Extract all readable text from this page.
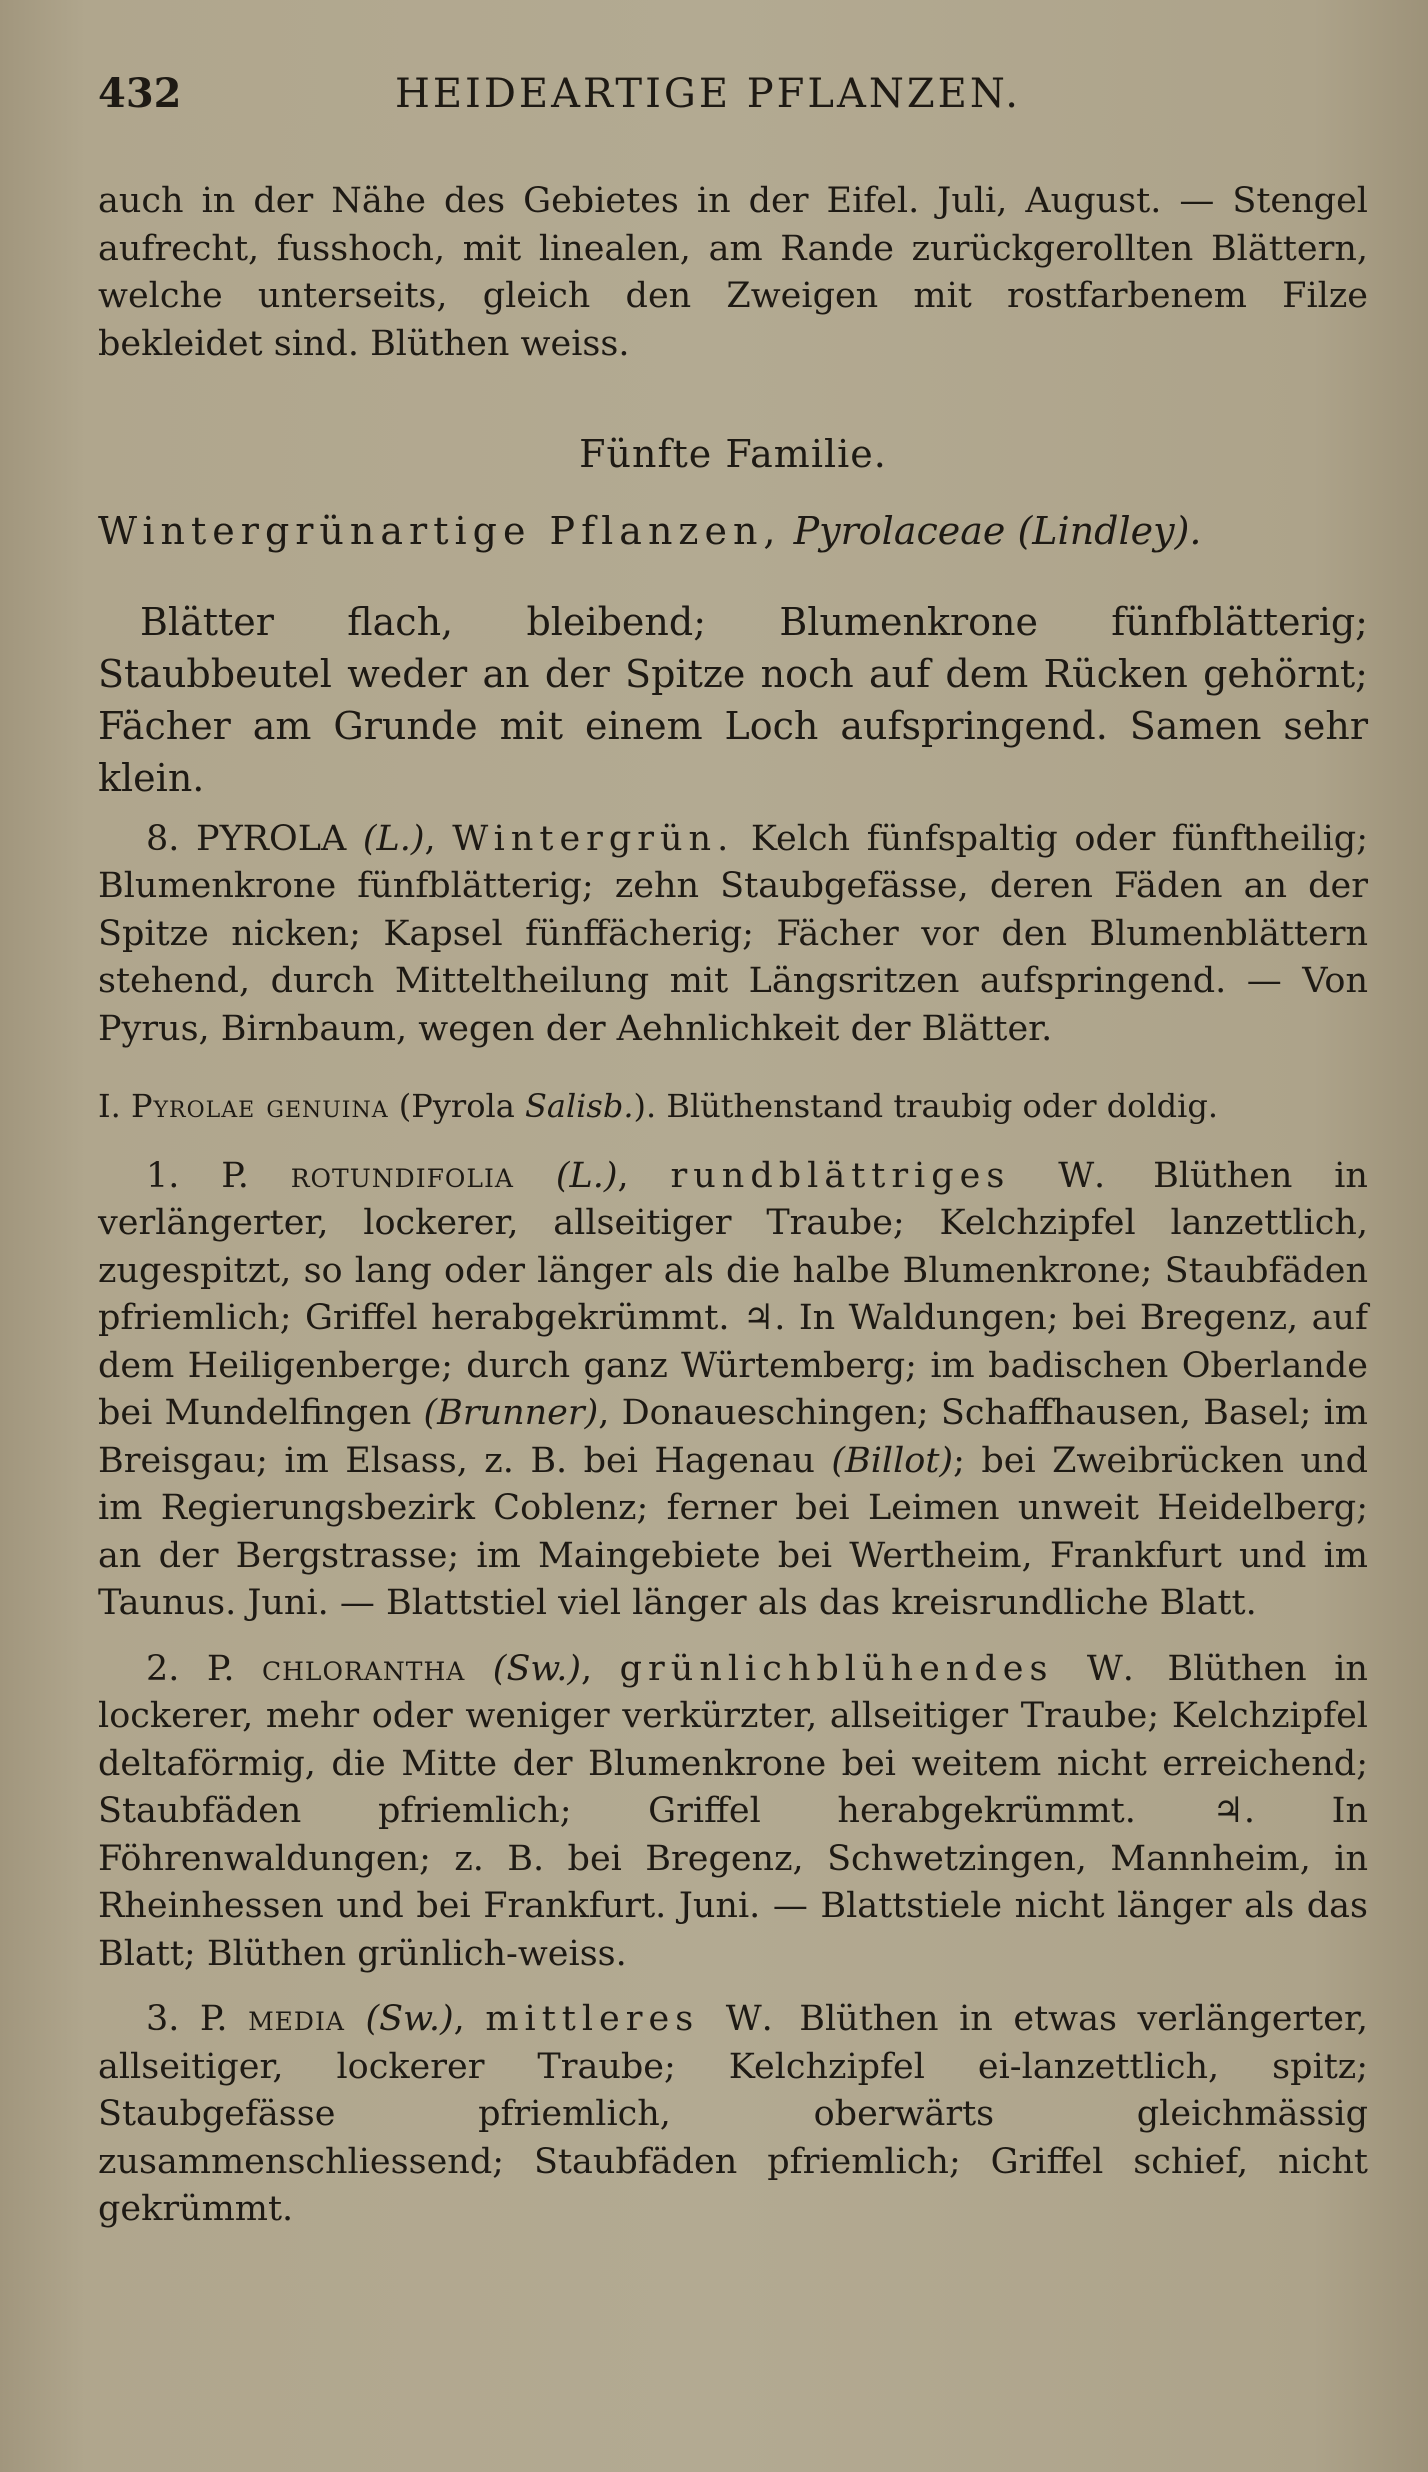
432	HEIDEARTIGE PFLANZEN.

auch in der Nähe des Gebietes in der Eifel. Juli, August. — Stengel aufrecht, fusshoch, mit linealen, am Rande zurückgerollten Blättern, welche unterseits, gleich den Zweigen mit rostfarbenem Filze bekleidet sind. Blüthen weiss.

Fünfte Familie.

Wintergrünartige Pflanzen, Pyrolaceae (Lindley).

Blätter flach, bleibend; Blumenkrone fünfblätterig; Staubbeutel weder an der Spitze noch auf dem Rücken gehörnt; Fächer am Grunde mit einem Loch aufspringend. Samen sehr klein.

8. PYROLA (L.), Wintergrün. Kelch fünfspaltig oder fünftheilig; Blumenkrone fünfblätterig; zehn Staubgefässe, deren Fäden an der Spitze nicken; Kapsel fünffächerig; Fächer vor den Blumenblättern stehend, durch Mitteltheilung mit Längsritzen aufspringend. — Von Pyrus, Birnbaum, wegen der Aehnlichkeit der Blätter.

I. Pyrolae genuina (Pyrola Salisb.). Blüthenstand traubig oder doldig.

1. P. rotundifolia (L.), rundblättriges W. Blüthen in verlängerter, lockerer, allseitiger Traube; Kelchzipfel lanzettlich, zugespitzt, so lang oder länger als die halbe Blumenkrone; Staubfäden pfriemlich; Griffel herabgekrümmt. ♃. In Waldungen; bei Bregenz, auf dem Heiligenberge; durch ganz Würtemberg; im badischen Oberlande bei Mundelfingen (Brunner), Donaueschingen; Schaffhausen, Basel; im Breisgau; im Elsass, z. B. bei Hagenau (Billot); bei Zweibrücken und im Regierungsbezirk Coblenz; ferner bei Leimen unweit Heidelberg; an der Bergstrasse; im Maingebiete bei Wertheim, Frankfurt und im Taunus. Juni. — Blattstiel viel länger als das kreisrundliche Blatt.

2. P. chlorantha (Sw.), grünlichblühendes W. Blüthen in lockerer, mehr oder weniger verkürzter, allseitiger Traube; Kelchzipfel deltaförmig, die Mitte der Blumenkrone bei weitem nicht erreichend; Staubfäden pfriemlich; Griffel herabgekrümmt. ♃. In Föhrenwaldungen; z. B. bei Bregenz, Schwetzingen, Mannheim, in Rheinhessen und bei Frankfurt. Juni. — Blattstiele nicht länger als das Blatt; Blüthen grünlich-weiss.

3. P. media (Sw.), mittleres W. Blüthen in etwas verlängerter, allseitiger, lockerer Traube; Kelchzipfel ei-lanzettlich, spitz; Staubgefässe pfriemlich, oberwärts gleichmässig zusammenschliessend; Staubfäden pfriemlich; Griffel schief, nicht gekrümmt.
